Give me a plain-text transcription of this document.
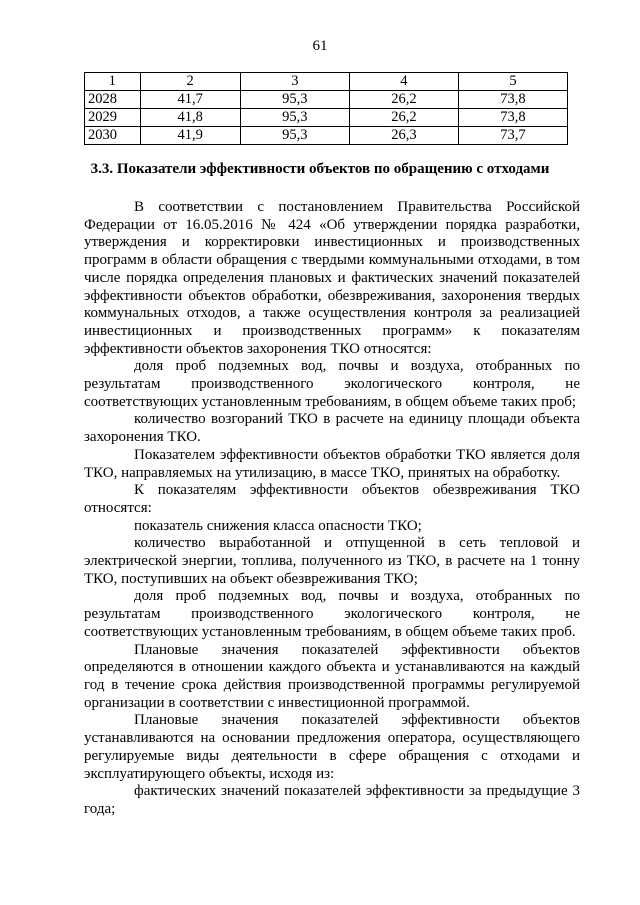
61
1	2	3	4	5
2028	41,7	95,3	26,2	73,8
2029	41,8	95,3	26,2	73,8
2030	41,9	95,3	26,3	73,7
3.3. Показатели эффективности объектов по обращению с отходами

В соответствии с постановлением Правительства Российской Федерации от 16.05.2016 № 424 «Об утверждении порядка разработки, утверждения и корректировки инвестиционных и производственных программ в области обращения с твердыми коммунальными отходами, в том числе порядка определения плановых и фактических значений показателей эффективности объектов обработки, обезвреживания, захоронения твердых коммунальных отходов, а также осуществления контроля за реализацией инвестиционных и производственных программ» к показателям эффективности объектов захоронения ТКО относятся:

доля проб подземных вод, почвы и воздуха, отобранных по результатам производственного экологического контроля, не соответствующих установленным требованиям, в общем объеме таких проб;

количество возгораний ТКО в расчете на единицу площади объекта захоронения ТКО.

Показателем эффективности объектов обработки ТКО является доля ТКО, направляемых на утилизацию, в массе ТКО, принятых на обработку.

К показателям эффективности объектов обезвреживания ТКО относятся:

показатель снижения класса опасности ТКО;

количество выработанной и отпущенной в сеть тепловой и электрической энергии, топлива, полученного из ТКО, в расчете на 1 тонну ТКО, поступивших на объект обезвреживания ТКО;

доля проб подземных вод, почвы и воздуха, отобранных по результатам производственного экологического контроля, не соответствующих установленным требованиям, в общем объеме таких проб.

Плановые значения показателей эффективности объектов определяются в отношении каждого объекта и устанавливаются на каждый год в течение срока действия производственной программы регулируемой организации в соответствии с инвестиционной программой.

Плановые значения показателей эффективности объектов устанавливаются на основании предложения оператора, осуществляющего регулируемые виды деятельности в сфере обращения с отходами и эксплуатирующего объекты, исходя из:

фактических значений показателей эффективности за предыдущие 3 года;
